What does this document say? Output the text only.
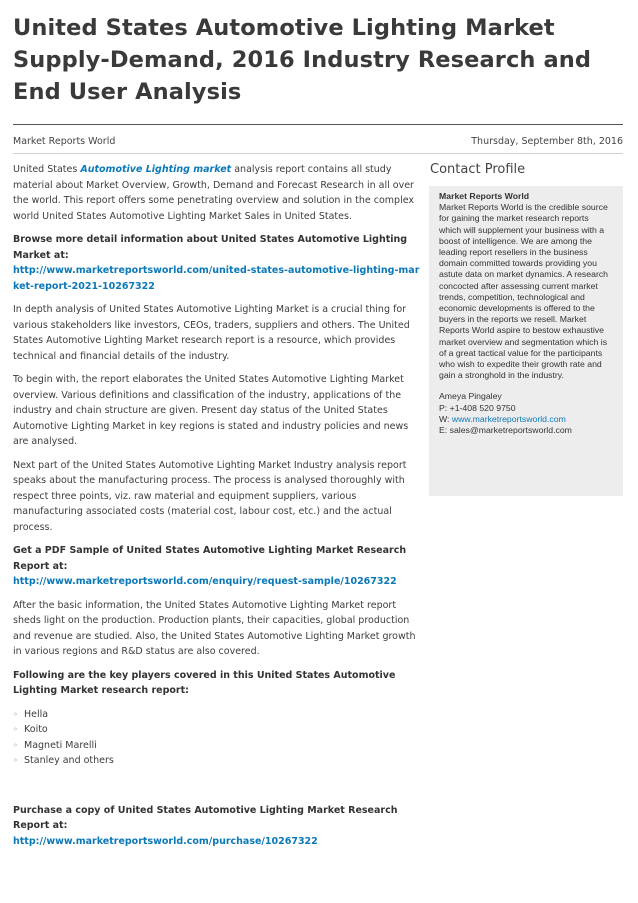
United States Automotive Lighting Market Supply-Demand, 2016 Industry Research and End User Analysis
Market Reports World	Thursday, September 8th, 2016

United States Automotive Lighting market analysis report contains all study material about Market Overview, Growth, Demand and Forecast Research in all over the world. This report offers some penetrating overview and solution in the complex world United States Automotive Lighting Market Sales in United States.

Browse more detail information about United States Automotive Lighting Market at:

http://www.marketreportsworld.com/united-states-automotive-lighting-market-report-2021-10267322

In depth analysis of United States Automotive Lighting Market is a crucial thing for various stakeholders like investors, CEOs, traders, suppliers and others. The United States Automotive Lighting Market research report is a resource, which provides technical and financial details of the industry.

To begin with, the report elaborates the United States Automotive Lighting Market overview. Various definitions and classification of the industry, applications of the industry and chain structure are given. Present day status of the United States Automotive Lighting Market in key regions is stated and industry policies and news are analysed.

Next part of the United States Automotive Lighting Market Industry analysis report speaks about the manufacturing process. The process is analysed thoroughly with respect three points, viz. raw material and equipment suppliers, various manufacturing associated costs (material cost, labour cost, etc.) and the actual process.

Get a PDF Sample of United States Automotive Lighting Market Research Report at:

http://www.marketreportsworld.com/enquiry/request-sample/10267322

After the basic information, the United States Automotive Lighting Market report sheds light on the production. Production plants, their capacities, global production and revenue are studied. Also, the United States Automotive Lighting Market growth in various regions and R&D status are also covered.

Following are the key players covered in this United States Automotive Lighting Market research report:

◦ Hella
◦ Koito
◦ Magneti Marelli
◦ Stanley and others

Purchase a copy of United States Automotive Lighting Market Research Report at:

http://www.marketreportsworld.com/purchase/10267322

Contact Profile
Market Reports World
Market Reports World is the credible source for gaining the market research reports which will supplement your business with a boost of intelligence. We are among the leading report resellers in the business domain committed towards providing you astute data on market dynamics. A research concocted after assessing current market trends, competition, technological and economic developments is offered to the buyers in the reports we resell. Market Reports World aspire to bestow exhaustive market overview and segmentation which is of a great tactical value for the participants who wish to expedite their growth rate and gain a stronghold in the industry.
Ameya Pingaley
P: +1-408 520 9750
W: www.marketreportsworld.com
E: sales@marketreportsworld.com
